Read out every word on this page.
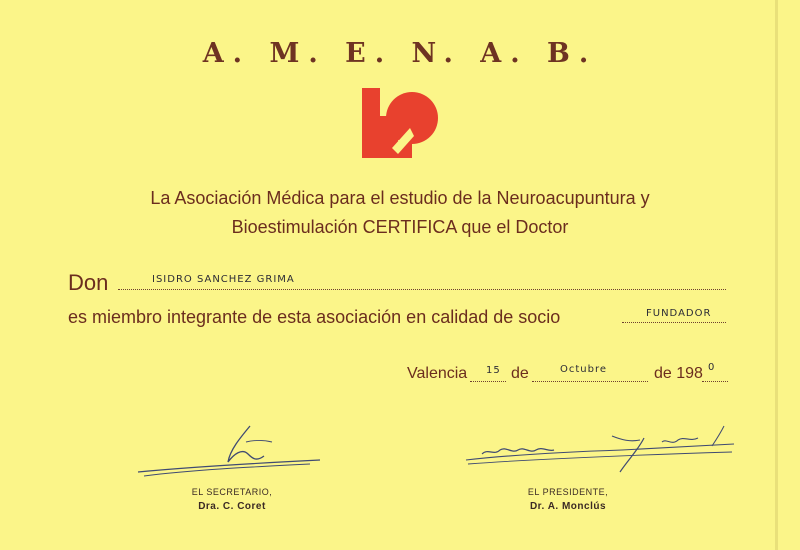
A. M. E. N. A. B.
La Asociación Médica para el estudio de la Neuroacupuntura y
Bioestimulación CERTIFICA que el Doctor
Don	ISIDRO SANCHEZ GRIMA
es miembro integrante de esta asociación en calidad de socio	FUNDADOR
Valencia 15 de	Octubre	de 198 0
EL SECRETARIO,
Dra. C. Coret
EL PRESIDENTE,
Dr. A. Monclús
